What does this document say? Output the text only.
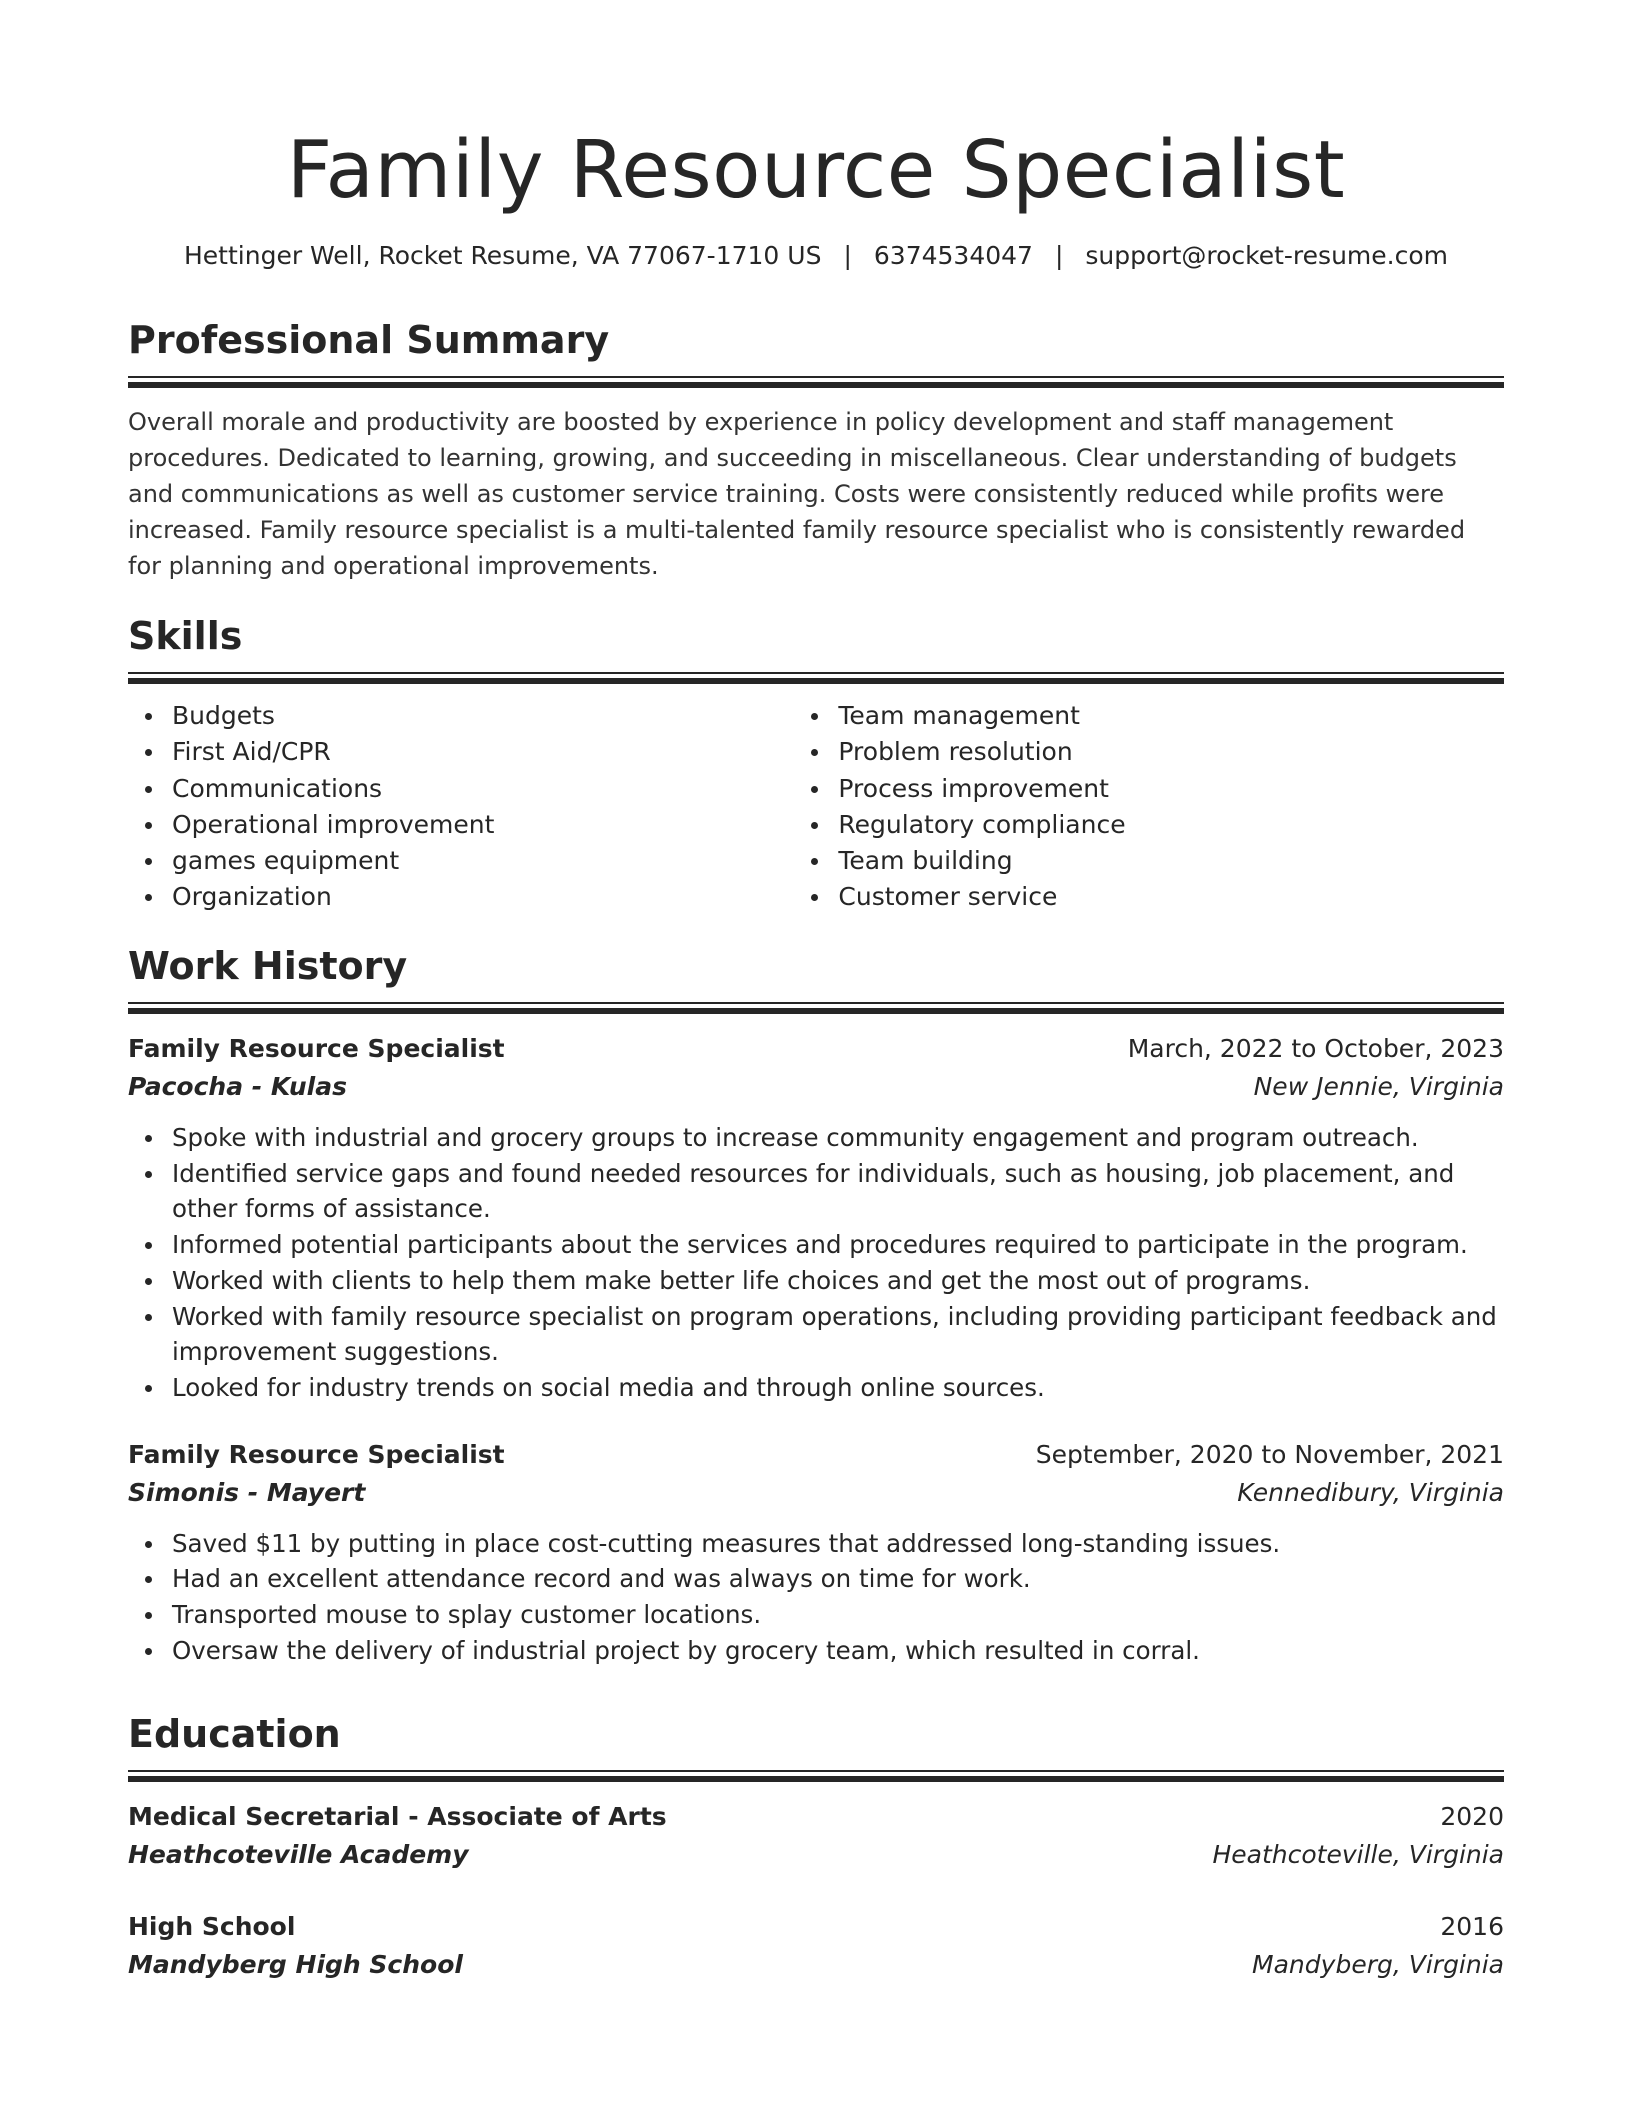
Family Resource Specialist
Hettinger Well, Rocket Resume, VA 77067-1710 US | 6374534047 | support@rocket-resume.com
Professional Summary
Overall morale and productivity are boosted by experience in policy development and staff management procedures. Dedicated to learning, growing, and succeeding in miscellaneous. Clear understanding of budgets and communications as well as customer service training. Costs were consistently reduced while profits were increased. Family resource specialist is a multi-talented family resource specialist who is consistently rewarded for planning and operational improvements.
Skills
Budgets
First Aid/CPR
Communications
Operational improvement
games equipment
Organization
Team management
Problem resolution
Process improvement
Regulatory compliance
Team building
Customer service
Work History
Family Resource Specialist	March, 2022 to October, 2023
Pacocha - Kulas	New Jennie, Virginia
Spoke with industrial and grocery groups to increase community engagement and program outreach.
Identified service gaps and found needed resources for individuals, such as housing, job placement, and other forms of assistance.
Informed potential participants about the services and procedures required to participate in the program.
Worked with clients to help them make better life choices and get the most out of programs.
Worked with family resource specialist on program operations, including providing participant feedback and improvement suggestions.
Looked for industry trends on social media and through online sources.
Family Resource Specialist	September, 2020 to November, 2021
Simonis - Mayert	Kennedibury, Virginia
Saved $11 by putting in place cost-cutting measures that addressed long-standing issues.
Had an excellent attendance record and was always on time for work.
Transported mouse to splay customer locations.
Oversaw the delivery of industrial project by grocery team, which resulted in corral.
Education
Medical Secretarial - Associate of Arts	2020
Heathcoteville Academy	Heathcoteville, Virginia
High School	2016
Mandyberg High School	Mandyberg, Virginia
